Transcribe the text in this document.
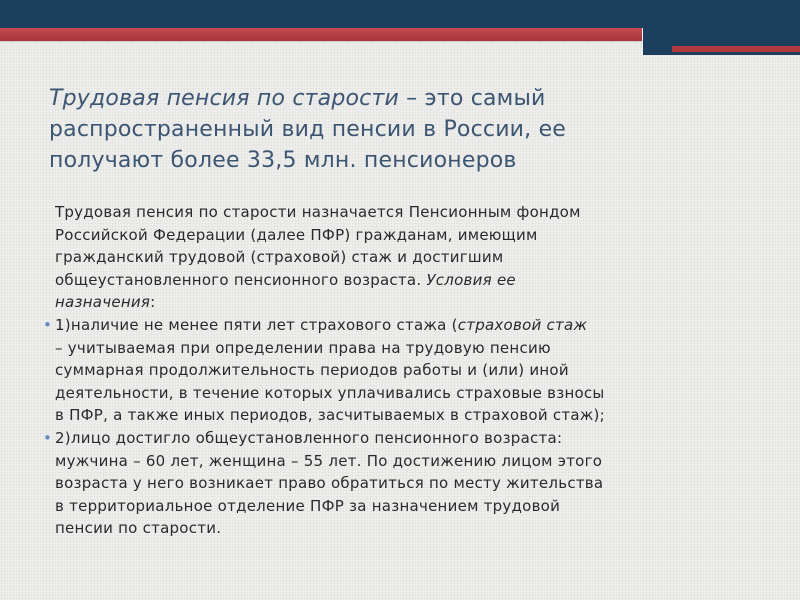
Трудовая пенсия по старости – это самый
распространенный вид пенсии в России, ее
получают более 33,5 млн. пенсионеров

Трудовая пенсия по старости назначается Пенсионным фондом
Российской Федерации (далее ПФР) гражданам, имеющим
гражданский трудовой (страховой) стаж и достигшим
общеустановленного пенсионного возраста. Условия ее
назначения:

• 1)наличие не менее пяти лет страхового стажа (страховой стаж
– учитываемая при определении права на трудовую пенсию
суммарная продолжительность периодов работы и (или) иной
деятельности, в течение которых уплачивались страховые взносы
в ПФР, а также иных периодов, засчитываемых в страховой стаж);
• 2)лицо достигло общеустановленного пенсионного возраста:
мужчина – 60 лет, женщина – 55 лет. По достижению лицом этого
возраста у него возникает право обратиться по месту жительства
в территориальное отделение ПФР за назначением трудовой
пенсии по старости.
